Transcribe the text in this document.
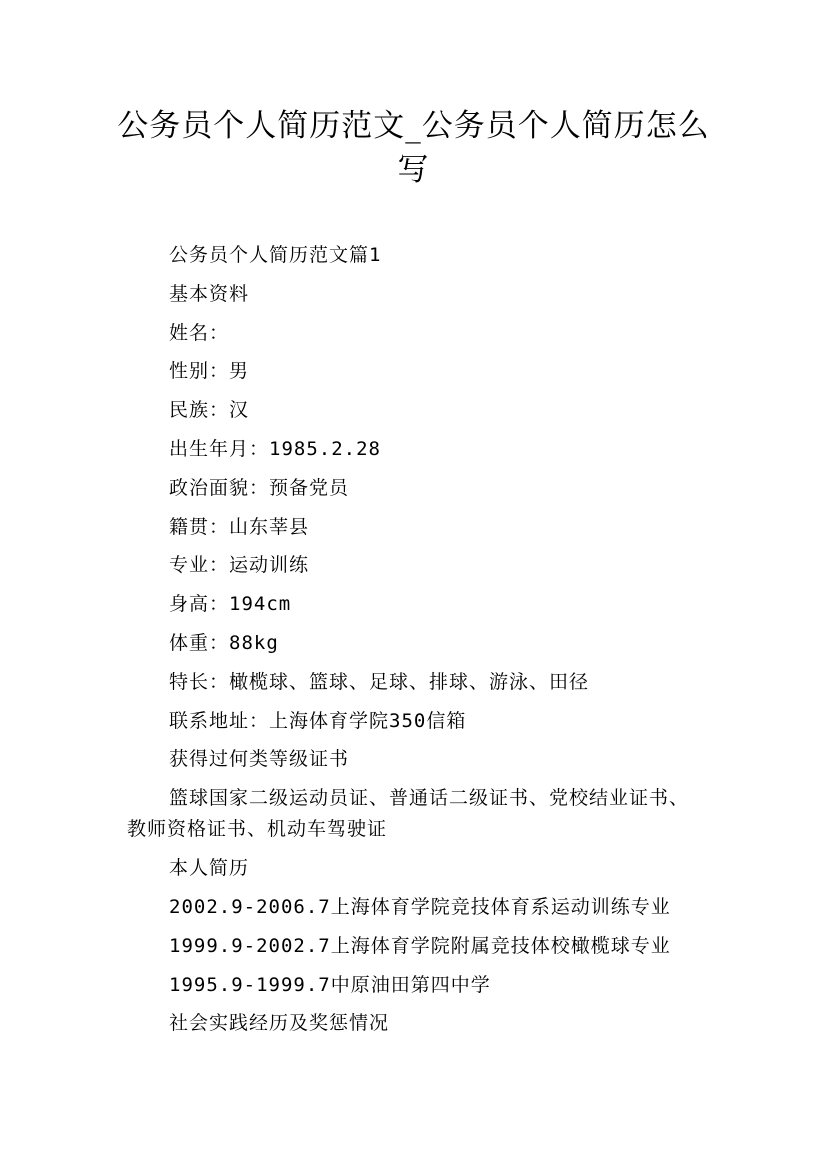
公务员个人简历范文_公务员个人简历怎么写

公务员个人简历范文篇1

基本资料

姓名：

性别：男

民族：汉

出生年月：1985.2.28

政治面貌：预备党员

籍贯：山东莘县

专业：运动训练

身高：194cm

体重：88kg

特长：橄榄球、篮球、足球、排球、游泳、田径

联系地址：上海体育学院350信箱

获得过何类等级证书

篮球国家二级运动员证、普通话二级证书、党校结业证书、教师资格证书、机动车驾驶证

本人简历

2002.9-2006.7上海体育学院竞技体育系运动训练专业

1999.9-2002.7上海体育学院附属竞技体校橄榄球专业

1995.9-1999.7中原油田第四中学

社会实践经历及奖惩情况
